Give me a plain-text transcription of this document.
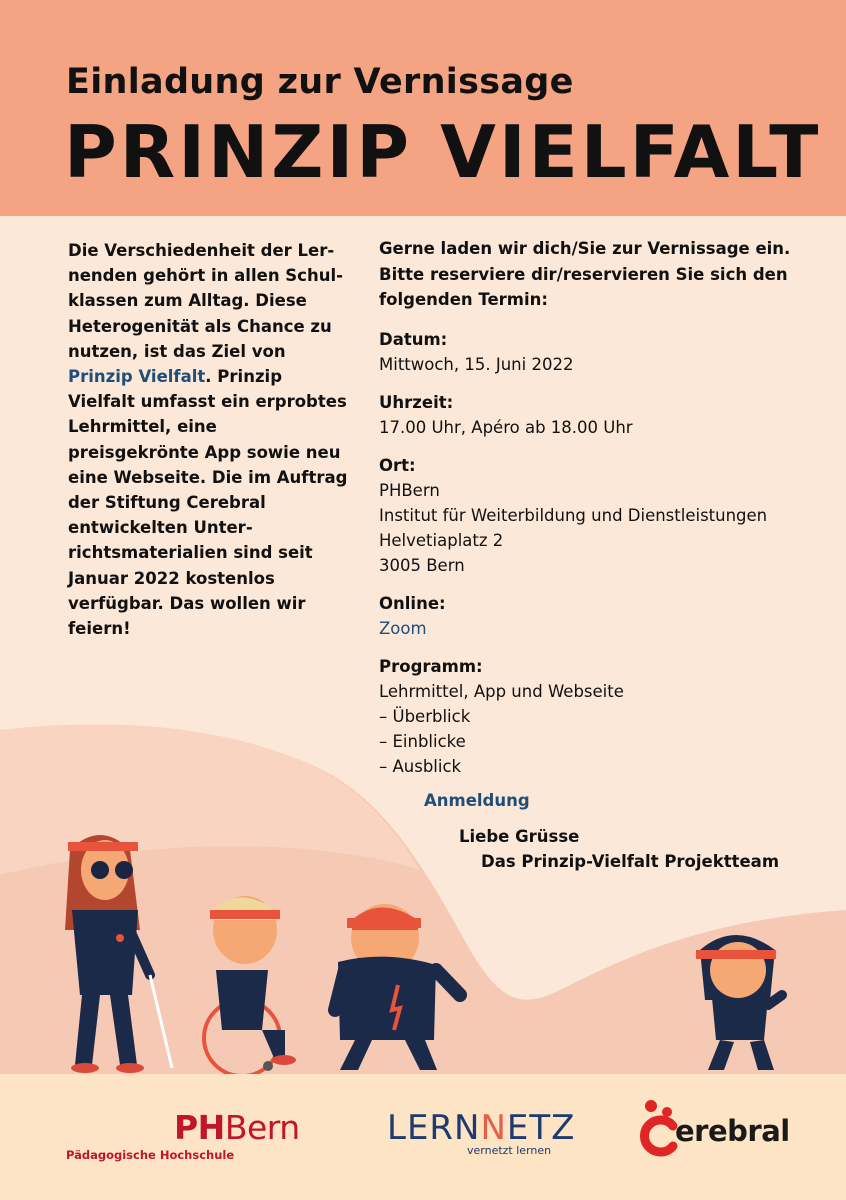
Einladung zur Vernissage
PRINZIP VIELFALT
Die Verschiedenheit der Lernenden gehört in allen Schulklassen zum Alltag. Diese Heterogenität als Chance zu nutzen, ist das Ziel von Prinzip Vielfalt. Prinzip Vielfalt umfasst ein erprobtes Lehrmittel, eine preisgekrönte App sowie neu eine Webseite. Die im Auftrag der Stiftung Cerebral entwickelten Unterrichtsmaterialien sind seit Januar 2022 kostenlos verfügbar. Das wollen wir feiern!
Gerne laden wir dich/Sie zur Vernissage ein. Bitte reserviere dir/reservieren Sie sich den folgenden Termin:
Datum:
Mittwoch, 15. Juni 2022
Uhrzeit:
17.00 Uhr, Apéro ab 18.00 Uhr
Ort:
PHBern
Institut für Weiterbildung und Dienstleistungen
Helvetiaplatz 2
3005 Bern
Online:
Zoom
Programm:
Lehrmittel, App und Webseite
– Überblick
– Einblicke
– Ausblick
Anmeldung
Liebe Grüsse
Das Prinzip-Vielfalt Projektteam
PHBern
Pädagogische Hochschule
LERNNETZ
vernetzt lernen
erebral
